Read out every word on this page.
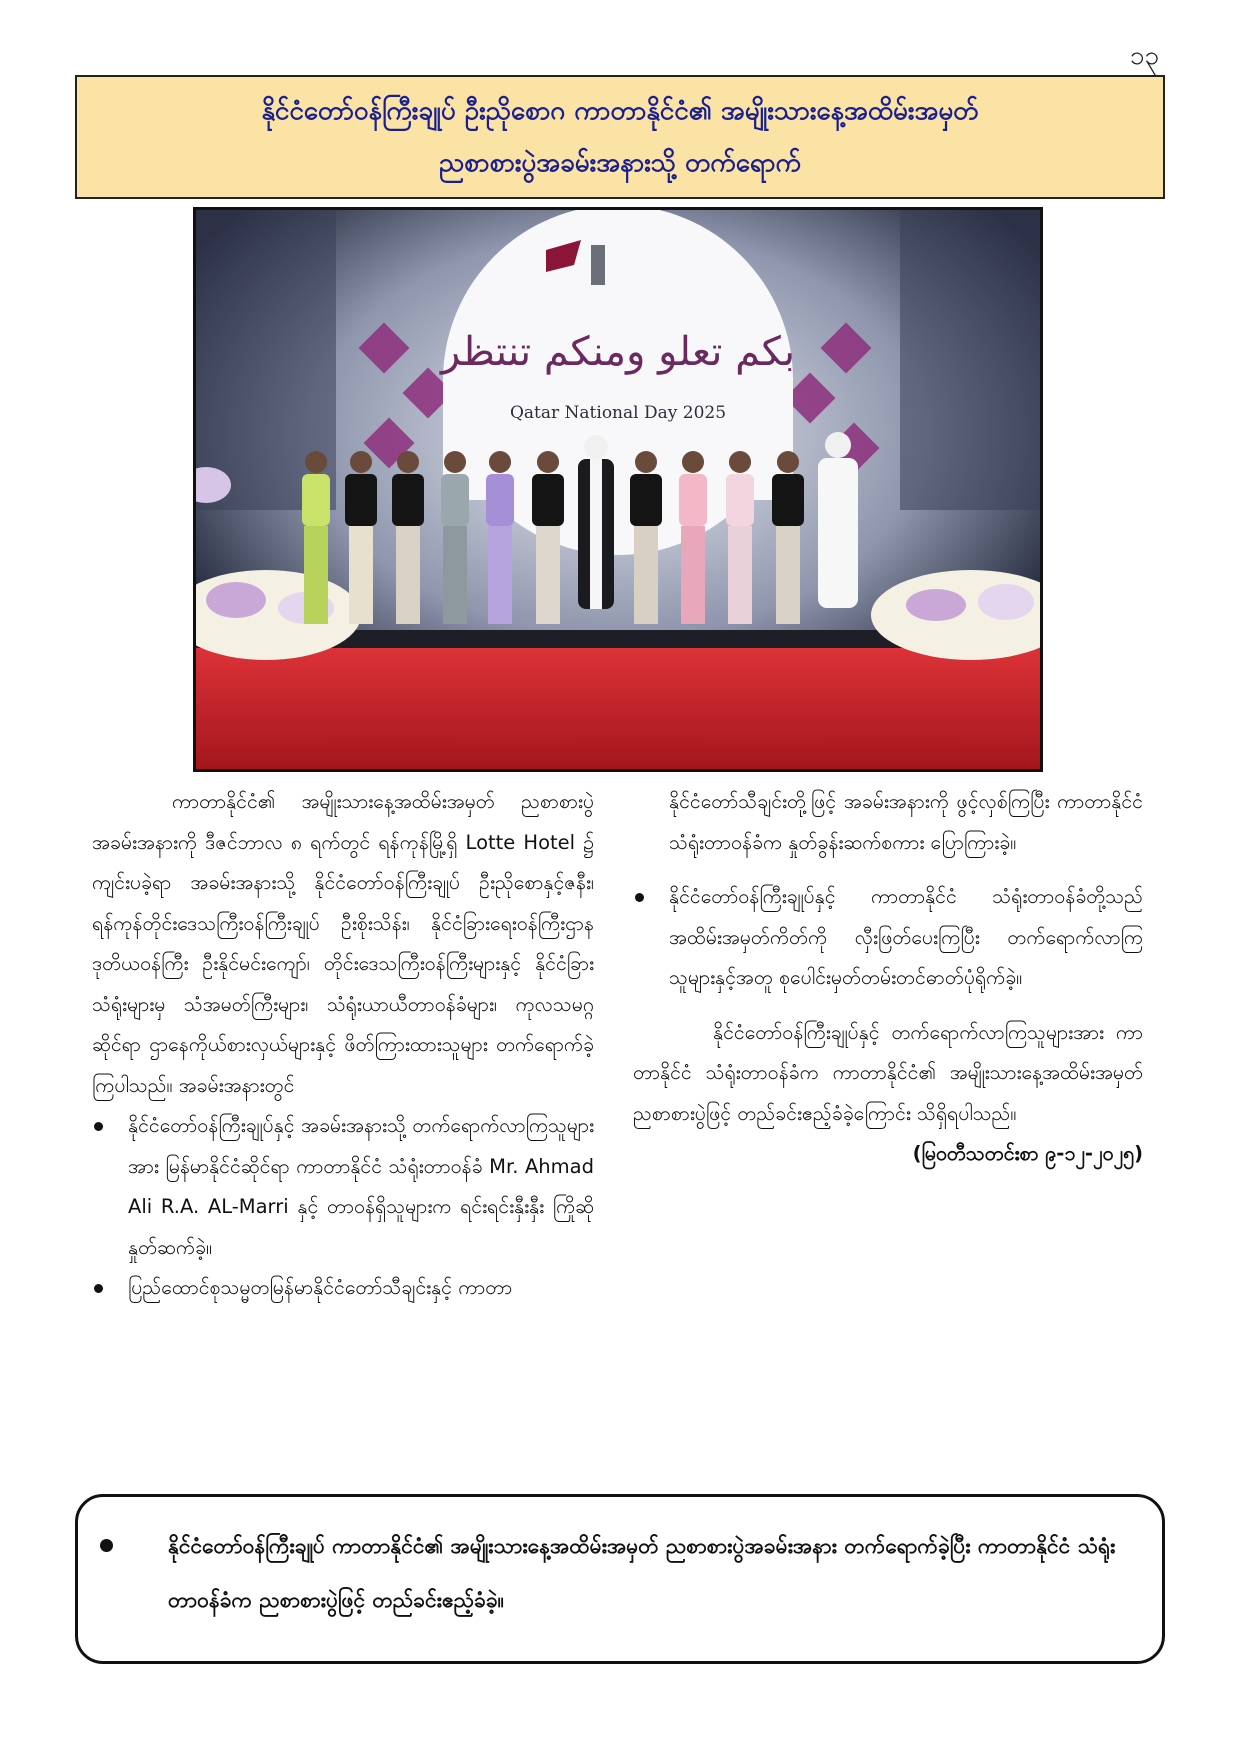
၁၃
နိုင်ငံတော်ဝန်ကြီးချုပ် ဦးညိုစောဂ ကာတာနိုင်ငံ၏ အမျိုးသားနေ့အထိမ်းအမှတ်
ညစာစားပွဲအခမ်းအနားသို့ တက်ရောက်
بكم تعلو ومنكم تنتظر
Qatar National Day 2025

ကာတာနိုင်ငံ၏ အမျိုးသားနေ့အထိမ်းအမှတ် ညစာစားပွဲအခမ်းအနားကို ဒီဇင်ဘာလ ၈ ရက်တွင် ရန်ကုန်မြို့ရှိ Lotte Hotel ၌ ကျင်းပခဲ့ရာ အခမ်းအနားသို့ နိုင်ငံတော်ဝန်ကြီးချုပ် ဦးညိုစောနှင့်ဇနီး၊ ရန်ကုန်တိုင်းဒေသကြီးဝန်ကြီးချုပ် ဦးစိုးသိန်း၊ နိုင်ငံခြားရေးဝန်ကြီးဌာန ဒုတိယဝန်ကြီး ဦးနိုင်မင်းကျော်၊ တိုင်းဒေသကြီးဝန်ကြီးများနှင့် နိုင်ငံခြားသံရုံးများမှ သံအမတ်ကြီးများ၊ သံရုံးယာယီတာဝန်ခံများ၊ ကုလသမဂ္ဂဆိုင်ရာ ဌာနေကိုယ်စားလှယ်များနှင့် ဖိတ်ကြားထားသူများ တက်ရောက်ခဲ့ကြပါသည်။ အခမ်းအနားတွင်

နိုင်ငံတော်ဝန်ကြီးချုပ်နှင့် အခမ်းအနားသို့ တက်ရောက်လာကြသူများအား မြန်မာနိုင်ငံဆိုင်ရာ ကာတာနိုင်ငံ သံရုံးတာဝန်ခံ Mr. Ahmad Ali R.A. AL-Marri နှင့် တာဝန်ရှိသူများက ရင်းရင်းနှီးနှီး ကြိုဆိုနှုတ်ဆက်ခဲ့။

ပြည်ထောင်စုသမ္မတမြန်မာနိုင်ငံတော်သီချင်းနှင့် ကာတာ

နိုင်ငံတော်သီချင်းတို့ဖြင့် အခမ်းအနားကို ဖွင့်လှစ်ကြပြီး ကာတာနိုင်ငံ သံရုံးတာဝန်ခံက နှုတ်ခွန်းဆက်စကား ပြောကြားခဲ့။

နိုင်ငံတော်ဝန်ကြီးချုပ်နှင့် ကာတာနိုင်ငံ သံရုံးတာဝန်ခံတို့သည် အထိမ်းအမှတ်ကိတ်ကို လှီးဖြတ်ပေးကြပြီး တက်ရောက်လာကြသူများနှင့်အတူ စုပေါင်းမှတ်တမ်းတင်ဓာတ်ပုံရိုက်ခဲ့။

နိုင်ငံတော်ဝန်ကြီးချုပ်နှင့် တက်ရောက်လာကြသူများအား ကာတာနိုင်ငံ သံရုံးတာဝန်ခံက ကာတာနိုင်ငံ၏ အမျိုးသားနေ့အထိမ်းအမှတ် ညစာစားပွဲဖြင့် တည်ခင်းဧည့်ခံခဲ့ကြောင်း သိရှိရပါသည်။

(မြဝတီသတင်းစာ ၉-၁၂-၂၀၂၅)

နိုင်ငံတော်ဝန်ကြီးချုပ် ကာတာနိုင်ငံ၏ အမျိုးသားနေ့အထိမ်းအမှတ် ညစာစားပွဲအခမ်းအနား တက်ရောက်ခဲ့ပြီး ကာတာနိုင်ငံ သံရုံးတာဝန်ခံက ညစာစားပွဲဖြင့် တည်ခင်းဧည့်ခံခဲ့။
